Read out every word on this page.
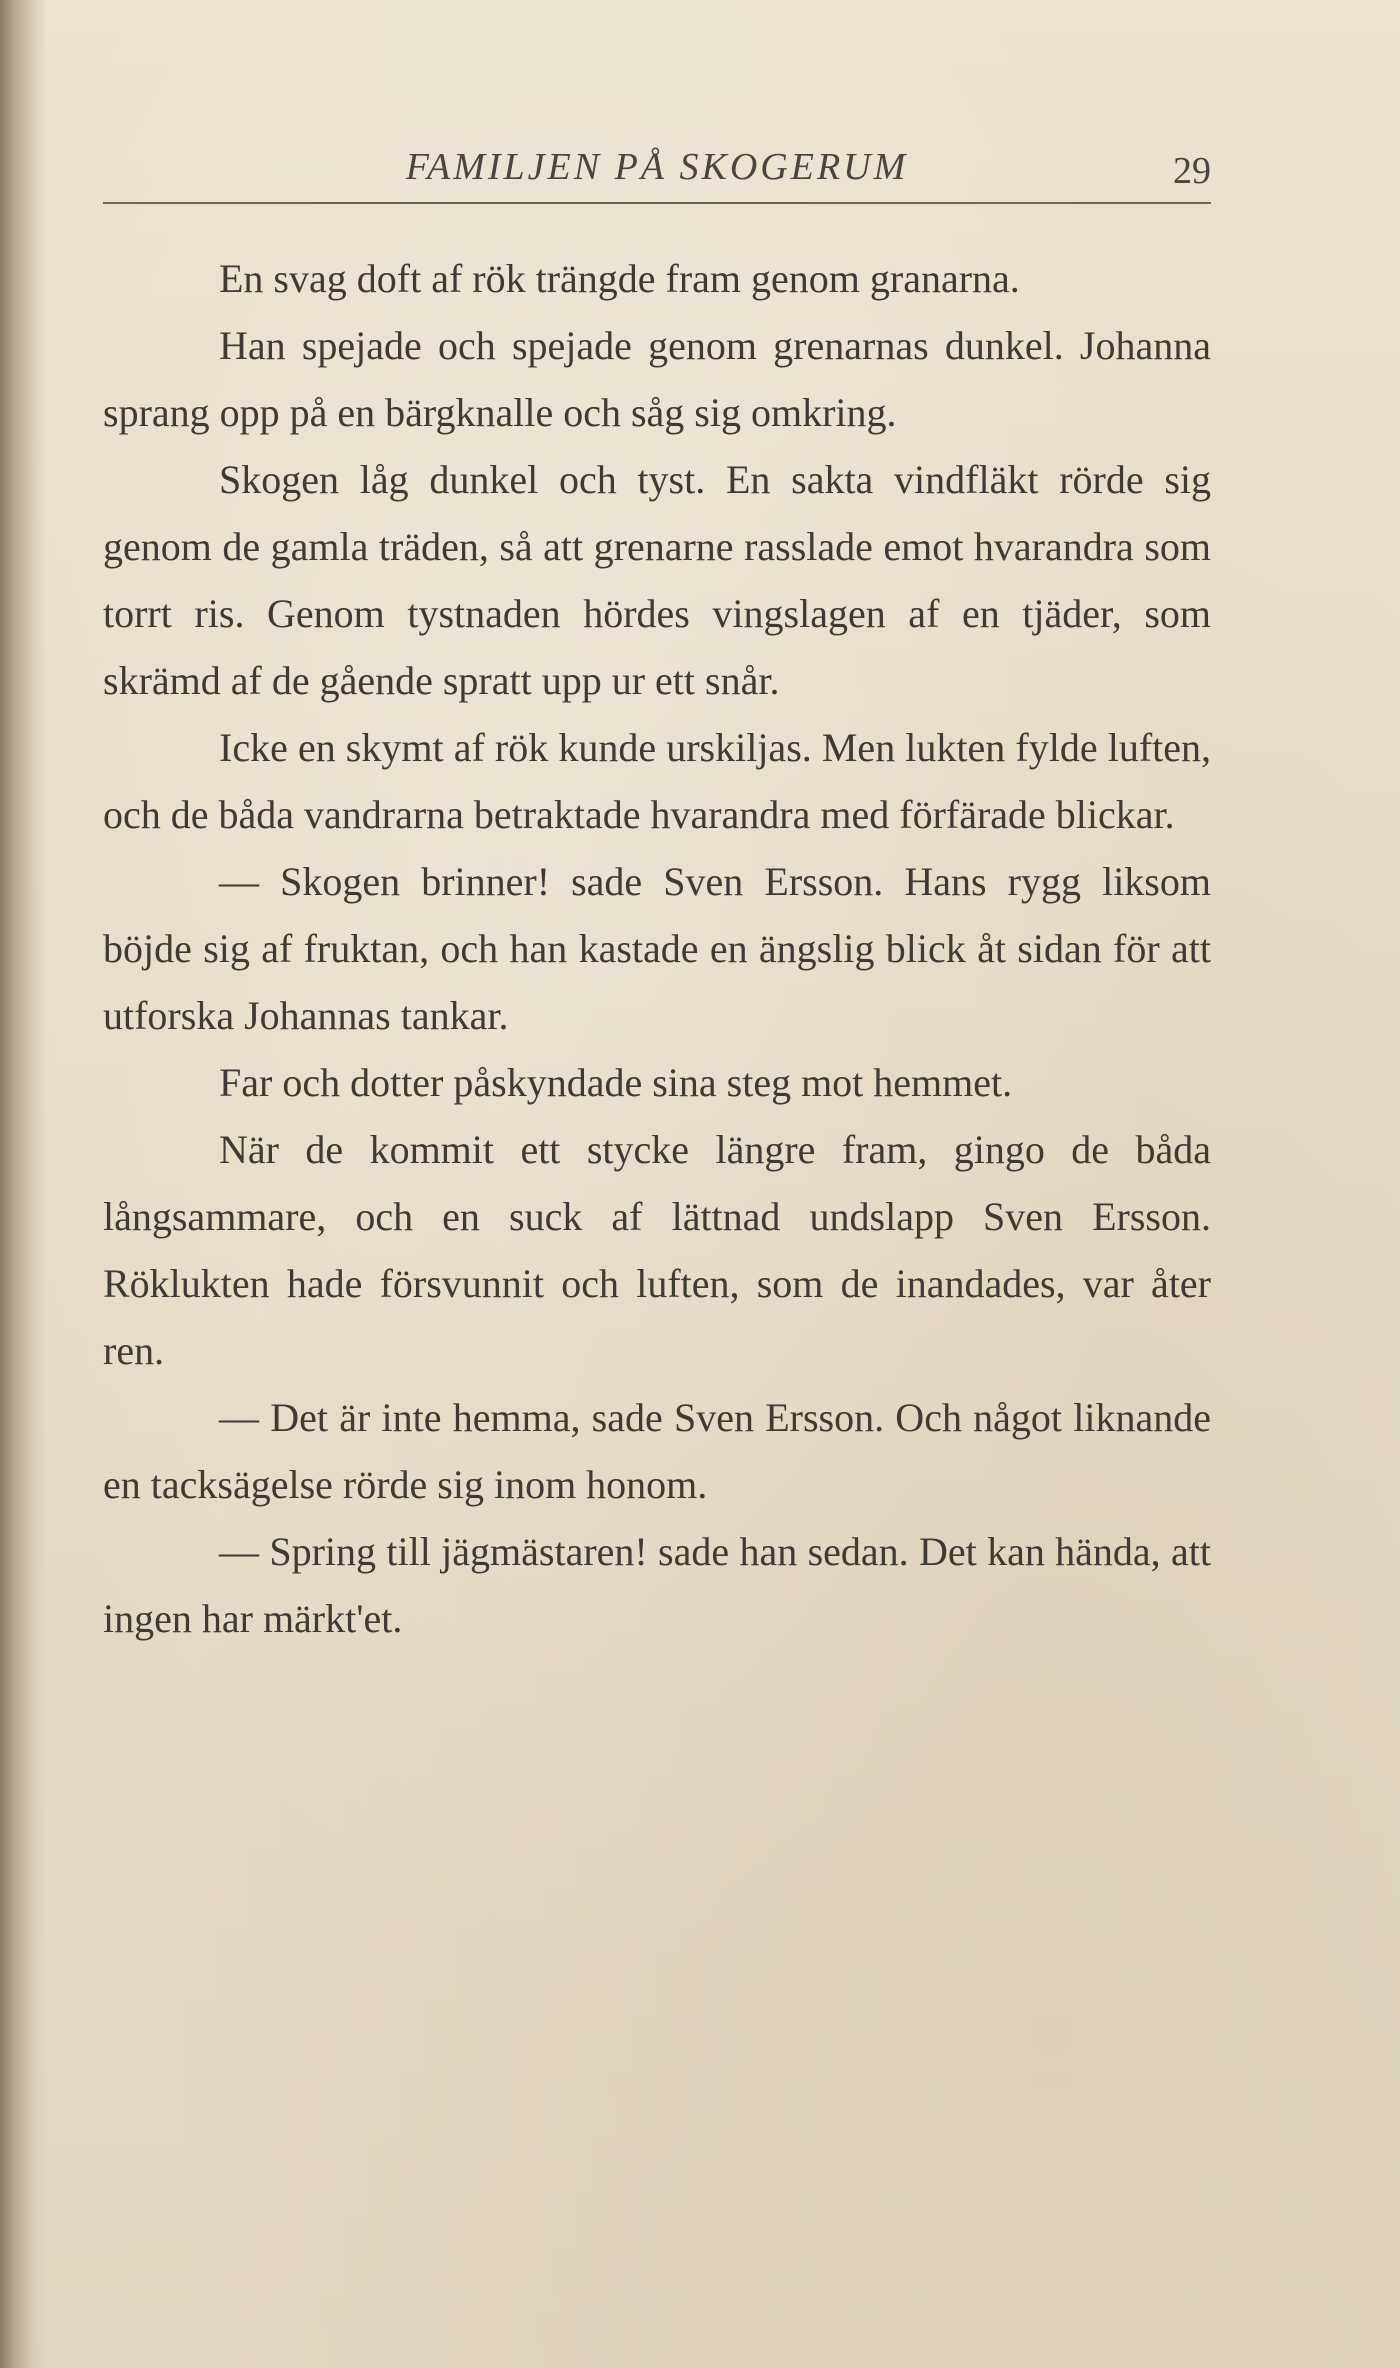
FAMILJEN PÅ SKOGERUM	29

En svag doft af rök trängde fram genom granarna.

Han spejade och spejade genom grenarnas dunkel. Johanna sprang opp på en bärgknalle och såg sig omkring.

Skogen låg dunkel och tyst. En sakta vindfläkt rörde sig genom de gamla träden, så att grenarne rasslade emot hvarandra som torrt ris. Genom tystnaden hördes vingslagen af en tjäder, som skrämd af de gående spratt upp ur ett snår.

Icke en skymt af rök kunde urskiljas. Men lukten fylde luften, och de båda vandrarna betraktade hvarandra med förfärade blickar.

— Skogen brinner! sade Sven Ersson. Hans rygg liksom böjde sig af fruktan, och han kastade en ängslig blick åt sidan för att utforska Johannas tankar.

Far och dotter påskyndade sina steg mot hemmet.

När de kommit ett stycke längre fram, gingo de båda långsammare, och en suck af lättnad undslapp Sven Ersson. Röklukten hade försvunnit och luften, som de inandades, var åter ren.

— Det är inte hemma, sade Sven Ersson. Och något liknande en tacksägelse rörde sig inom honom.

— Spring till jägmästaren! sade han sedan. Det kan hända, att ingen har märkt'et.
